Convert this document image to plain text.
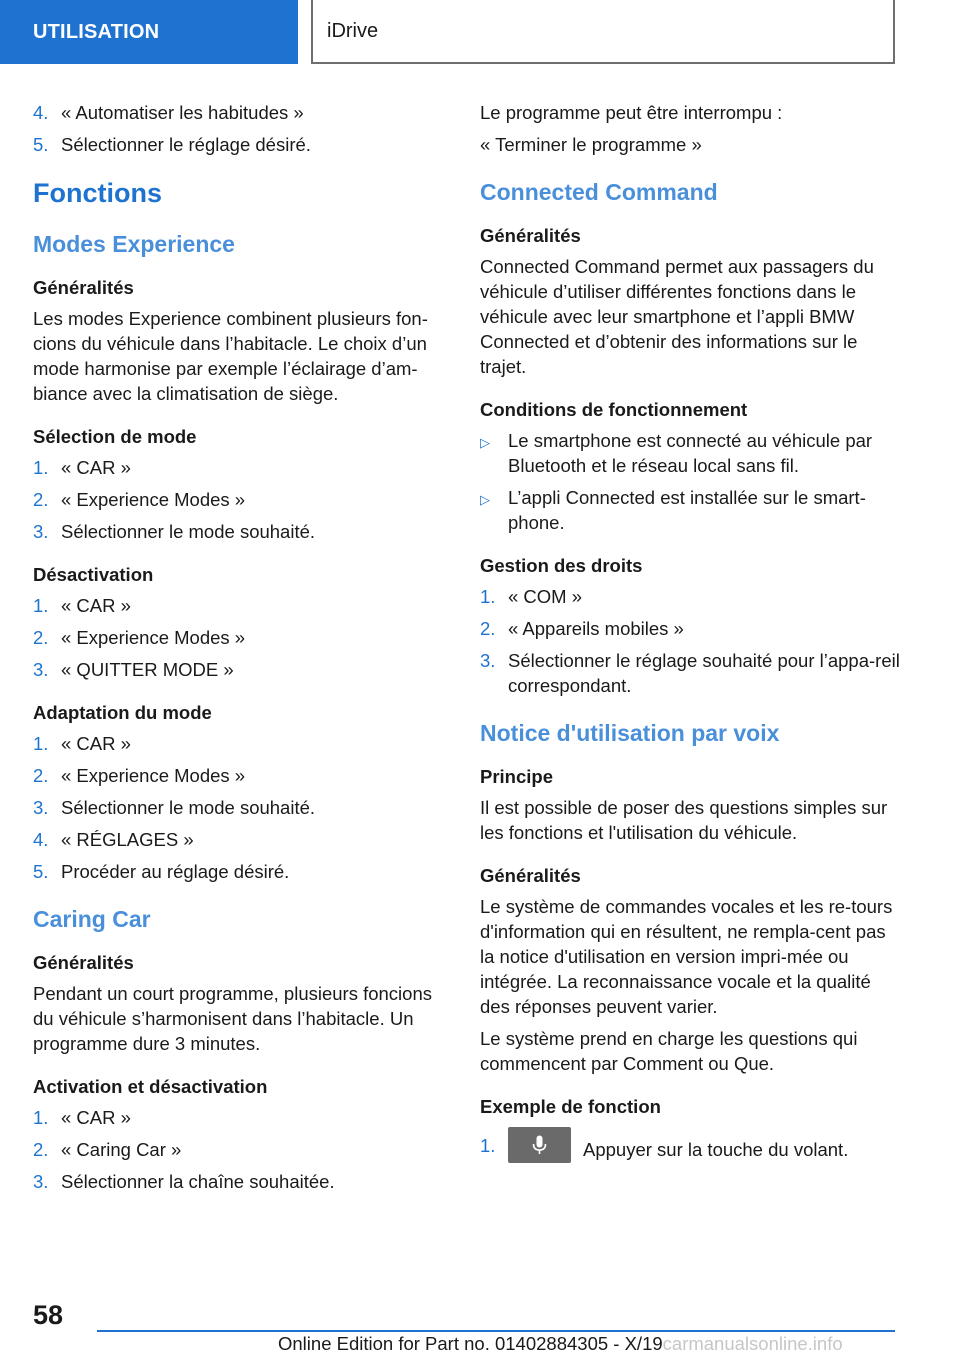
UTILISATION	iDrive
4. « Automatiser les habitudes »
5. Sélectionner le réglage désiré.
Fonctions
Modes Experience
Généralités

Les modes Experience combinent plusieurs fon-cions du véhicule dans l’habitacle. Le choix d’un mode harmonise par exemple l’éclairage d’am-biance avec la climatisation de siège.

Sélection de mode
1. « CAR »
2. « Experience Modes »
3. Sélectionner le mode souhaité.
Désactivation
1. « CAR »
2. « Experience Modes »
3. « QUITTER MODE »
Adaptation du mode
1. « CAR »
2. « Experience Modes »
3. Sélectionner le mode souhaité.
4. « RÉGLAGES »
5. Procéder au réglage désiré.
Caring Car
Généralités

Pendant un court programme, plusieurs foncions du véhicule s’harmonisent dans l’habitacle. Un programme dure 3 minutes.

Activation et désactivation
1. « CAR »
2. « Caring Car »
3. Sélectionner la chaîne souhaitée.

Le programme peut être interrompu :

« Terminer le programme »

Connected Command
Généralités

Connected Command permet aux passagers du véhicule d’utiliser différentes fonctions dans le véhicule avec leur smartphone et l’appli BMW Connected et d’obtenir des informations sur le trajet.

Conditions de fonctionnement
▷ Le smartphone est connecté au véhicule par Bluetooth et le réseau local sans fil.
▷ L’appli Connected est installée sur le smart-phone.
Gestion des droits
1. « COM »
2. « Appareils mobiles »
3. Sélectionner le réglage souhaité pour l’appa-reil correspondant.
Notice d'utilisation par voix
Principe

Il est possible de poser des questions simples sur les fonctions et l'utilisation du véhicule.

Généralités

Le système de commandes vocales et les re-tours d'information qui en résultent, ne rempla-cent pas la notice d'utilisation en version impri-mée ou intégrée. La reconnaissance vocale et la qualité des réponses peuvent varier.

Le système prend en charge les questions qui commencent par Comment ou Que.

Exemple de fonction
1.	Appuyer sur la touche du volant.
58
Online Edition for Part no. 01402884305 - X/19carmanualsonline.info
